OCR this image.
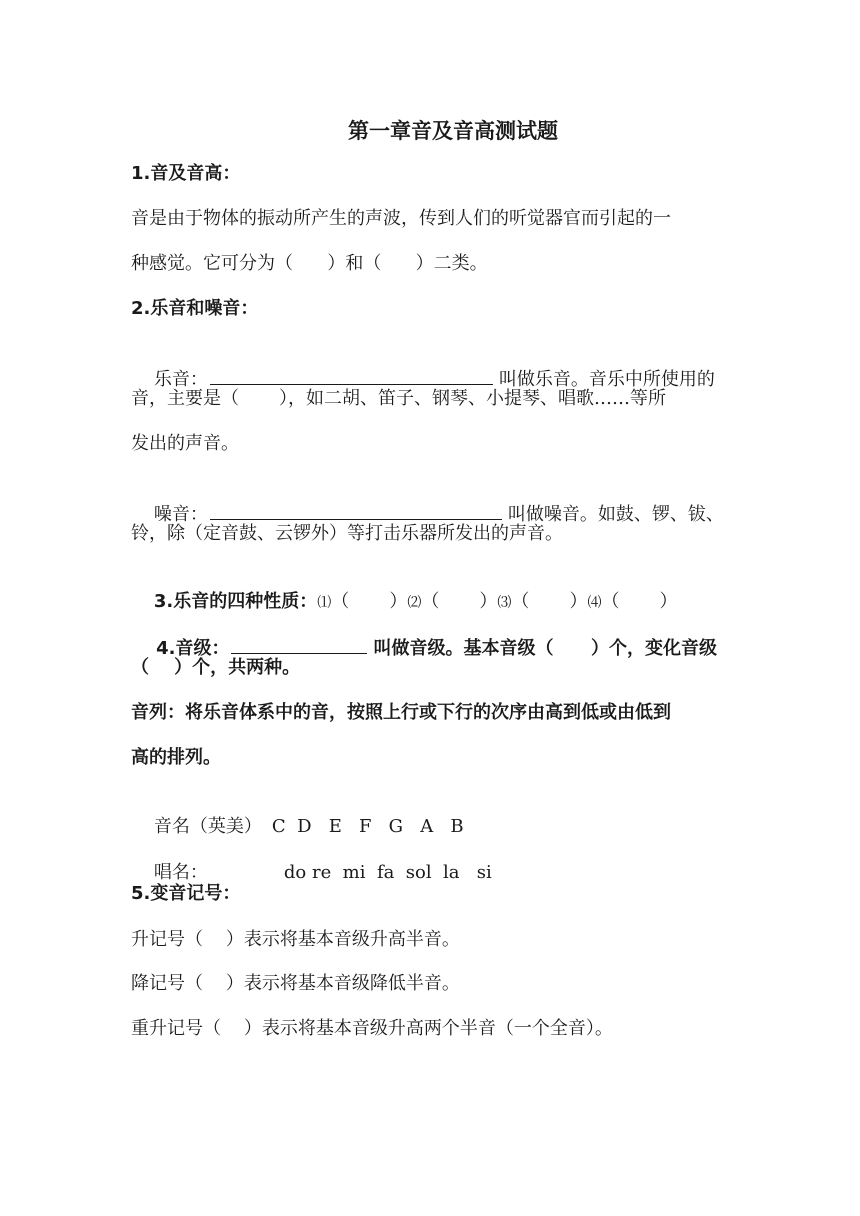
第一章音及音高测试题
1.音及音高：
音是由于物体的振动所产生的声波，传到人们的听觉器官而引起的一
种感觉。它可分为（      ）和（      ）二类。
2.乐音和噪音：

乐音：	叫做乐音。音乐中所使用的

音，主要是（       ），如二胡、笛子、钢琴、小提琴、唱歌……等所
发出的声音。

噪音：	叫做噪音。如鼓、锣、钹、

铃，除（定音鼓、云锣外）等打击乐器所发出的声音。

3.乐音的四种性质：⑴（       ）⑵（       ）⑶（       ）⑷（       ）

4.音级：	叫做音级。基本音级（      ）个，变化音级

（    ）个，共两种。
音列：将乐音体系中的音，按照上行或下行的次序由高到低或由低到
高的排列。

音名（英美） C  D   E   F   G   A   B

唱名：	do re  mi  fa  sol  la   si

5.变音记号：
升记号（    ）表示将基本音级升高半音。
降记号（    ）表示将基本音级降低半音。
重升记号（    ）表示将基本音级升高两个半音（一个全音）。
